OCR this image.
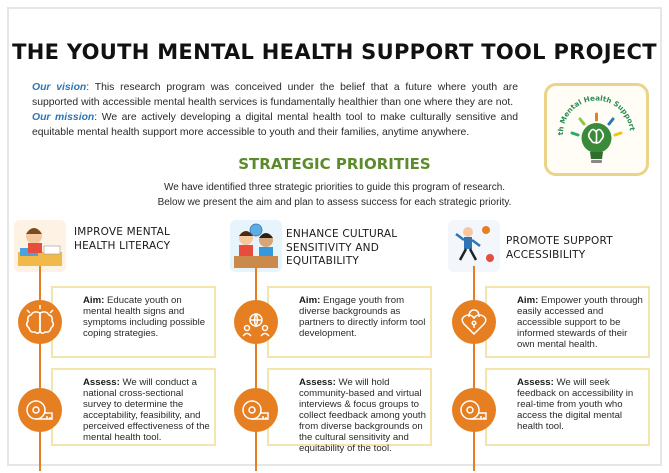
THE YOUTH MENTAL HEALTH SUPPORT TOOL PROJECT

Our vision: This research program was conceived under the belief that a future where youth are supported with accessible mental health services is fundamentally healthier than one where they are not.

Our mission: We are actively developing a digital mental health tool to make culturally sensitive and equitable mental health support more accessible to youth and their families, anytime anywhere.	th Mental Health Support
STRATEGIC PRIORITIES

We have identified three strategic priorities to guide this program of research.

Below we present the aim and plan to assess success for each strategic priority.

IMPROVE MENTAL
HEALTH LITERACY
Aim: Educate youth on mental health signs and symptoms including possible coping strategies.
Assess: We will conduct a national cross-sectional survey to determine the acceptability, feasibility, and perceived effectiveness of the mental health tool.
ENHANCE CULTURAL
SENSITIVITY AND
EQUITABILITY
Aim: Engage youth from diverse backgrounds as partners to directly inform tool development.
Assess: We will hold community-based and virtual interviews & focus groups to collect feedback among youth from diverse backgrounds on the cultural sensitivity and equitability of the tool.
PROMOTE SUPPORT
ACCESSIBILITY
Aim: Empower youth through easily accessed and accessible support to be informed stewards of their own mental health.
Assess: We will seek feedback on accessibility in real-time from youth who access the digital mental health tool.
